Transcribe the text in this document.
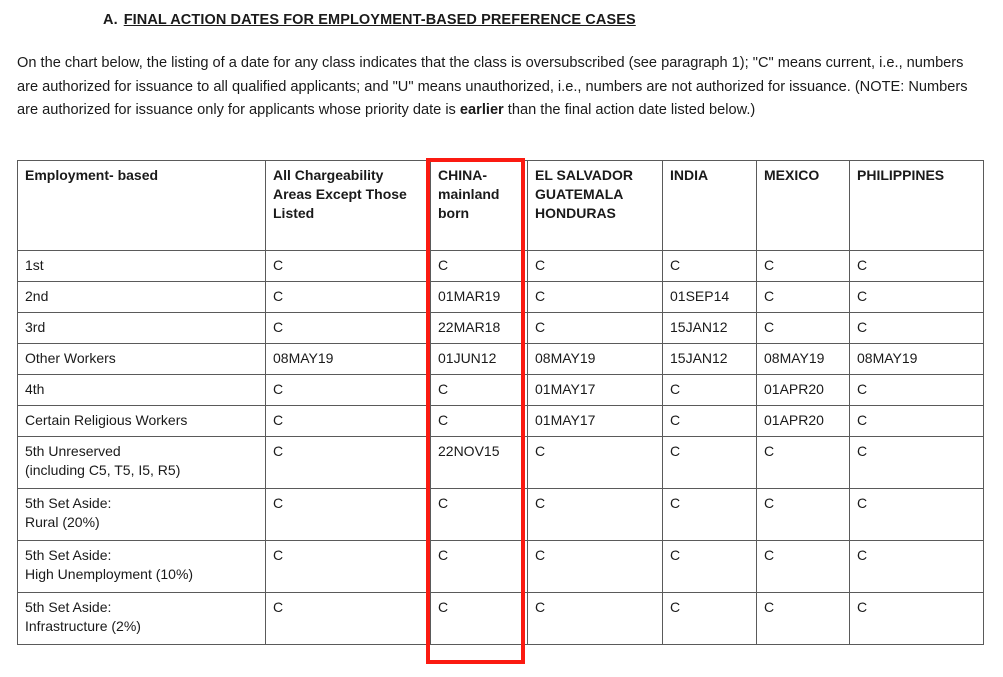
A. FINAL ACTION DATES FOR EMPLOYMENT-BASED PREFERENCE CASES
On the chart below, the listing of a date for any class indicates that the class is oversubscribed (see paragraph 1); "C" means current, i.e., numbers are authorized for issuance to all qualified applicants; and "U" means unauthorized, i.e., numbers are not authorized for issuance. (NOTE: Numbers are authorized for issuance only for applicants whose priority date is earlier than the final action date listed below.)
Employment- based	All Chargeability Areas Except Those Listed	CHINA- mainland born	EL SALVADOR GUATEMALA HONDURAS	INDIA	MEXICO	PHILIPPINES

1st	C	C	C	C	C	C

2nd	C	01MAR19	C	01SEP14	C	C

3rd	C	22MAR18	C	15JAN12	C	C

Other Workers	08MAY19	01JUN12	08MAY19	15JAN12	08MAY19	08MAY19

4th	C	C	01MAY17	C	01APR20	C

Certain Religious Workers	C	C	01MAY17	C	01APR20	C

5th Unreserved
(including C5, T5, I5, R5)	C	22NOV15	C	C	C	C

5th Set Aside:
Rural (20%)	C	C	C	C	C	C

5th Set Aside:
High Unemployment (10%)	C	C	C	C	C	C

5th Set Aside:
Infrastructure (2%)	C	C	C	C	C	C
